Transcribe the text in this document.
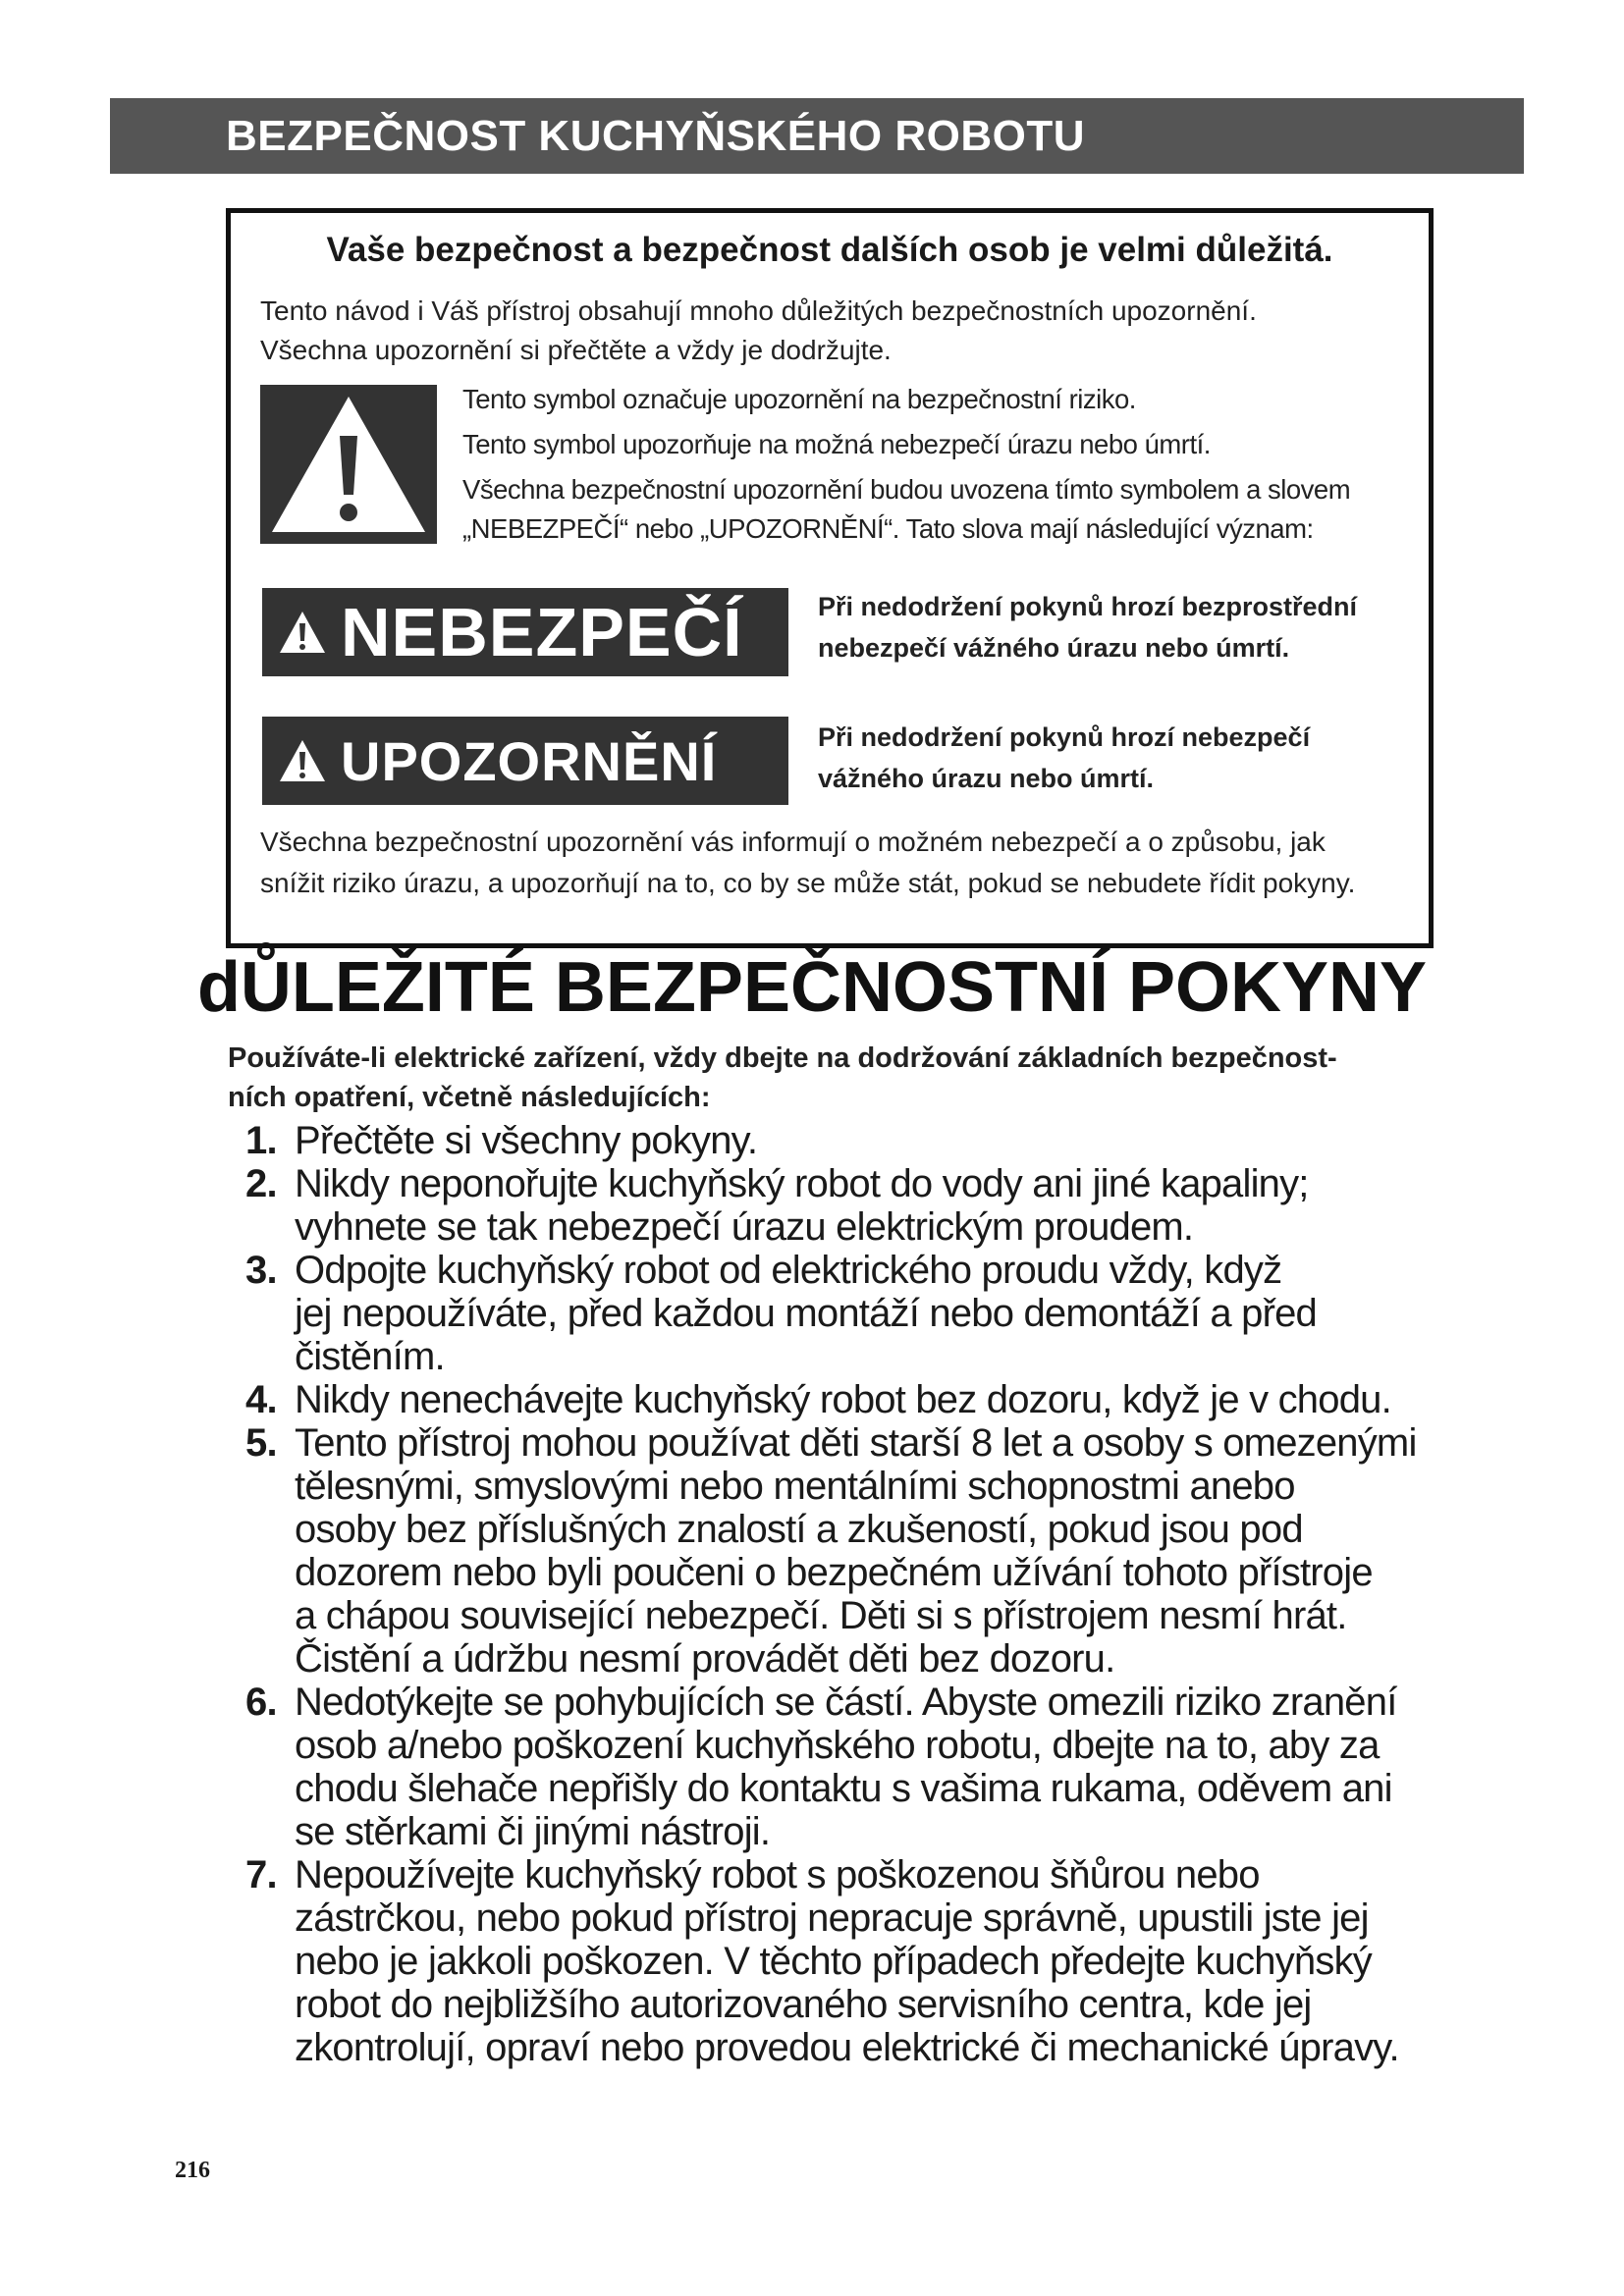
BEZPEČNOST KUCHYŇSKÉHO ROBOTU
Vaše bezpečnost a bezpečnost dalších osob je velmi důležitá.
Tento návod i Váš přístroj obsahují mnoho důležitých bezpečnostních upozornění.
Všechna upozornění si přečtěte a vždy je dodržujte.
Tento symbol označuje upozornění na bezpečnostní riziko.
Tento symbol upozorňuje na možná nebezpečí úrazu nebo úmrtí.
Všechna bezpečnostní upozornění budou uvozena tímto symbolem a slovem
„NEBEZPEČÍ“ nebo „UPOZORNĚNÍ“. Tato slova mají následující význam:
NEBEZPEČÍ	Při nedodržení pokynů hrozí bezprostřední
nebezpečí vážného úrazu nebo úmrtí.
UPOZORNĚNÍ	Při nedodržení pokynů hrozí nebezpečí
vážného úrazu nebo úmrtí.
Všechna bezpečnostní upozornění vás informují o možném nebezpečí a o způsobu, jak
snížit riziko úrazu, a upozorňují na to, co by se může stát, pokud se nebudete řídit pokyny.
dŮLEŽITÉ BEZPEČNOSTNÍ POKYNY
Používáte-li elektrické zařízení, vždy dbejte na dodržování základních bezpečnost-
ních opatření, včetně následujících:
1. Přečtěte si všechny pokyny.
2. Nikdy neponořujte kuchyňský robot do vody ani jiné kapaliny;
vyhnete se tak nebezpečí úrazu elektrickým proudem.
3. Odpojte kuchyňský robot od elektrického proudu vždy, když
jej nepoužíváte, před každou montáží nebo demontáží a před
čistěním.
4. Nikdy nenechávejte kuchyňský robot bez dozoru, když je v chodu.
5. Tento přístroj mohou používat děti starší 8 let a osoby s omezenými
tělesnými, smyslovými nebo mentálními schopnostmi anebo
osoby bez příslušných znalostí a zkušeností, pokud jsou pod
dozorem nebo byli poučeni o bezpečném užívání tohoto přístroje
a chápou související nebezpečí. Děti si s přístrojem nesmí hrát.
Čistění a údržbu nesmí provádět děti bez dozoru.
6. Nedotýkejte se pohybujících se částí. Abyste omezili riziko zranění
osob a/nebo poškození kuchyňského robotu, dbejte na to, aby za
chodu šlehače nepřišly do kontaktu s vašima rukama, oděvem ani
se stěrkami či jinými nástroji.
7. Nepoužívejte kuchyňský robot s poškozenou šňůrou nebo
zástrčkou, nebo pokud přístroj nepracuje správně, upustili jste jej
nebo je jakkoli poškozen. V těchto případech předejte kuchyňský
robot do nejbližšího autorizovaného servisního centra, kde jej
zkontrolují, opraví nebo provedou elektrické či mechanické úpravy.
216
